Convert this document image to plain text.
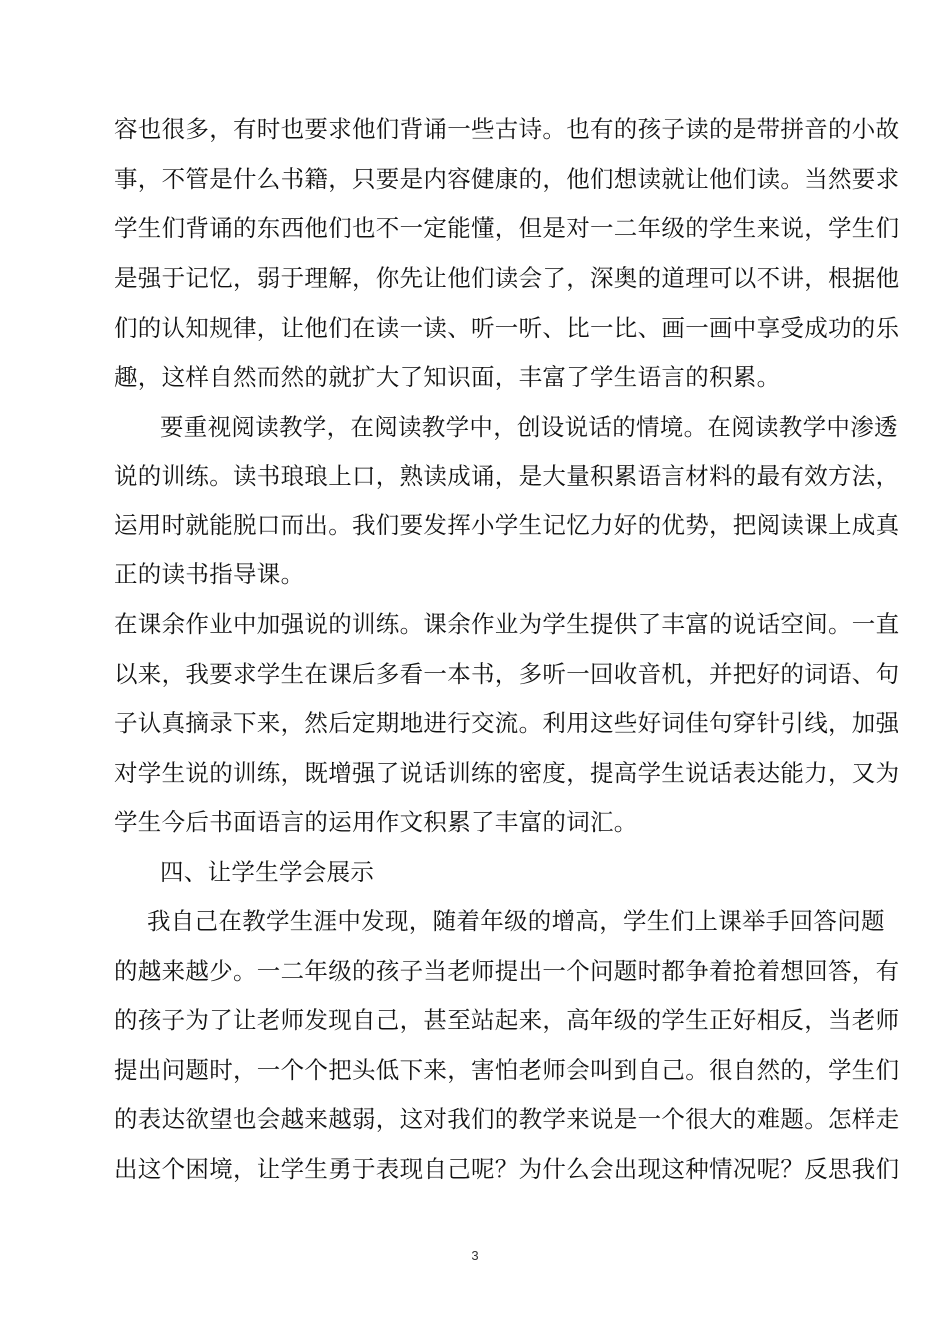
容也很多，有时也要求他们背诵一些古诗。也有的孩子读的是带拼音的小故
事，不管是什么书籍，只要是内容健康的，他们想读就让他们读。当然要求
学生们背诵的东西他们也不一定能懂，但是对一二年级的学生来说，学生们
是强于记忆，弱于理解，你先让他们读会了，深奥的道理可以不讲，根据他
们的认知规律，让他们在读一读、听一听、比一比、画一画中享受成功的乐
趣，这样自然而然的就扩大了知识面，丰富了学生语言的积累。
要重视阅读教学，在阅读教学中，创设说话的情境。在阅读教学中渗透
说的训练。读书琅琅上口，熟读成诵，是大量积累语言材料的最有效方法，
运用时就能脱口而出。我们要发挥小学生记忆力好的优势，把阅读课上成真
正的读书指导课。
在课余作业中加强说的训练。课余作业为学生提供了丰富的说话空间。一直
以来，我要求学生在课后多看一本书，多听一回收音机，并把好的词语、句
子认真摘录下来，然后定期地进行交流。利用这些好词佳句穿针引线，加强
对学生说的训练，既增强了说话训练的密度，提高学生说话表达能力，又为
学生今后书面语言的运用作文积累了丰富的词汇。
四、让学生学会展示
我自己在教学生涯中发现，随着年级的增高，学生们上课举手回答问题
的越来越少。一二年级的孩子当老师提出一个问题时都争着抢着想回答，有
的孩子为了让老师发现自己，甚至站起来，高年级的学生正好相反，当老师
提出问题时，一个个把头低下来，害怕老师会叫到自己。很自然的，学生们
的表达欲望也会越来越弱，这对我们的教学来说是一个很大的难题。怎样走
出这个困境，让学生勇于表现自己呢？为什么会出现这种情况呢？反思我们
3
